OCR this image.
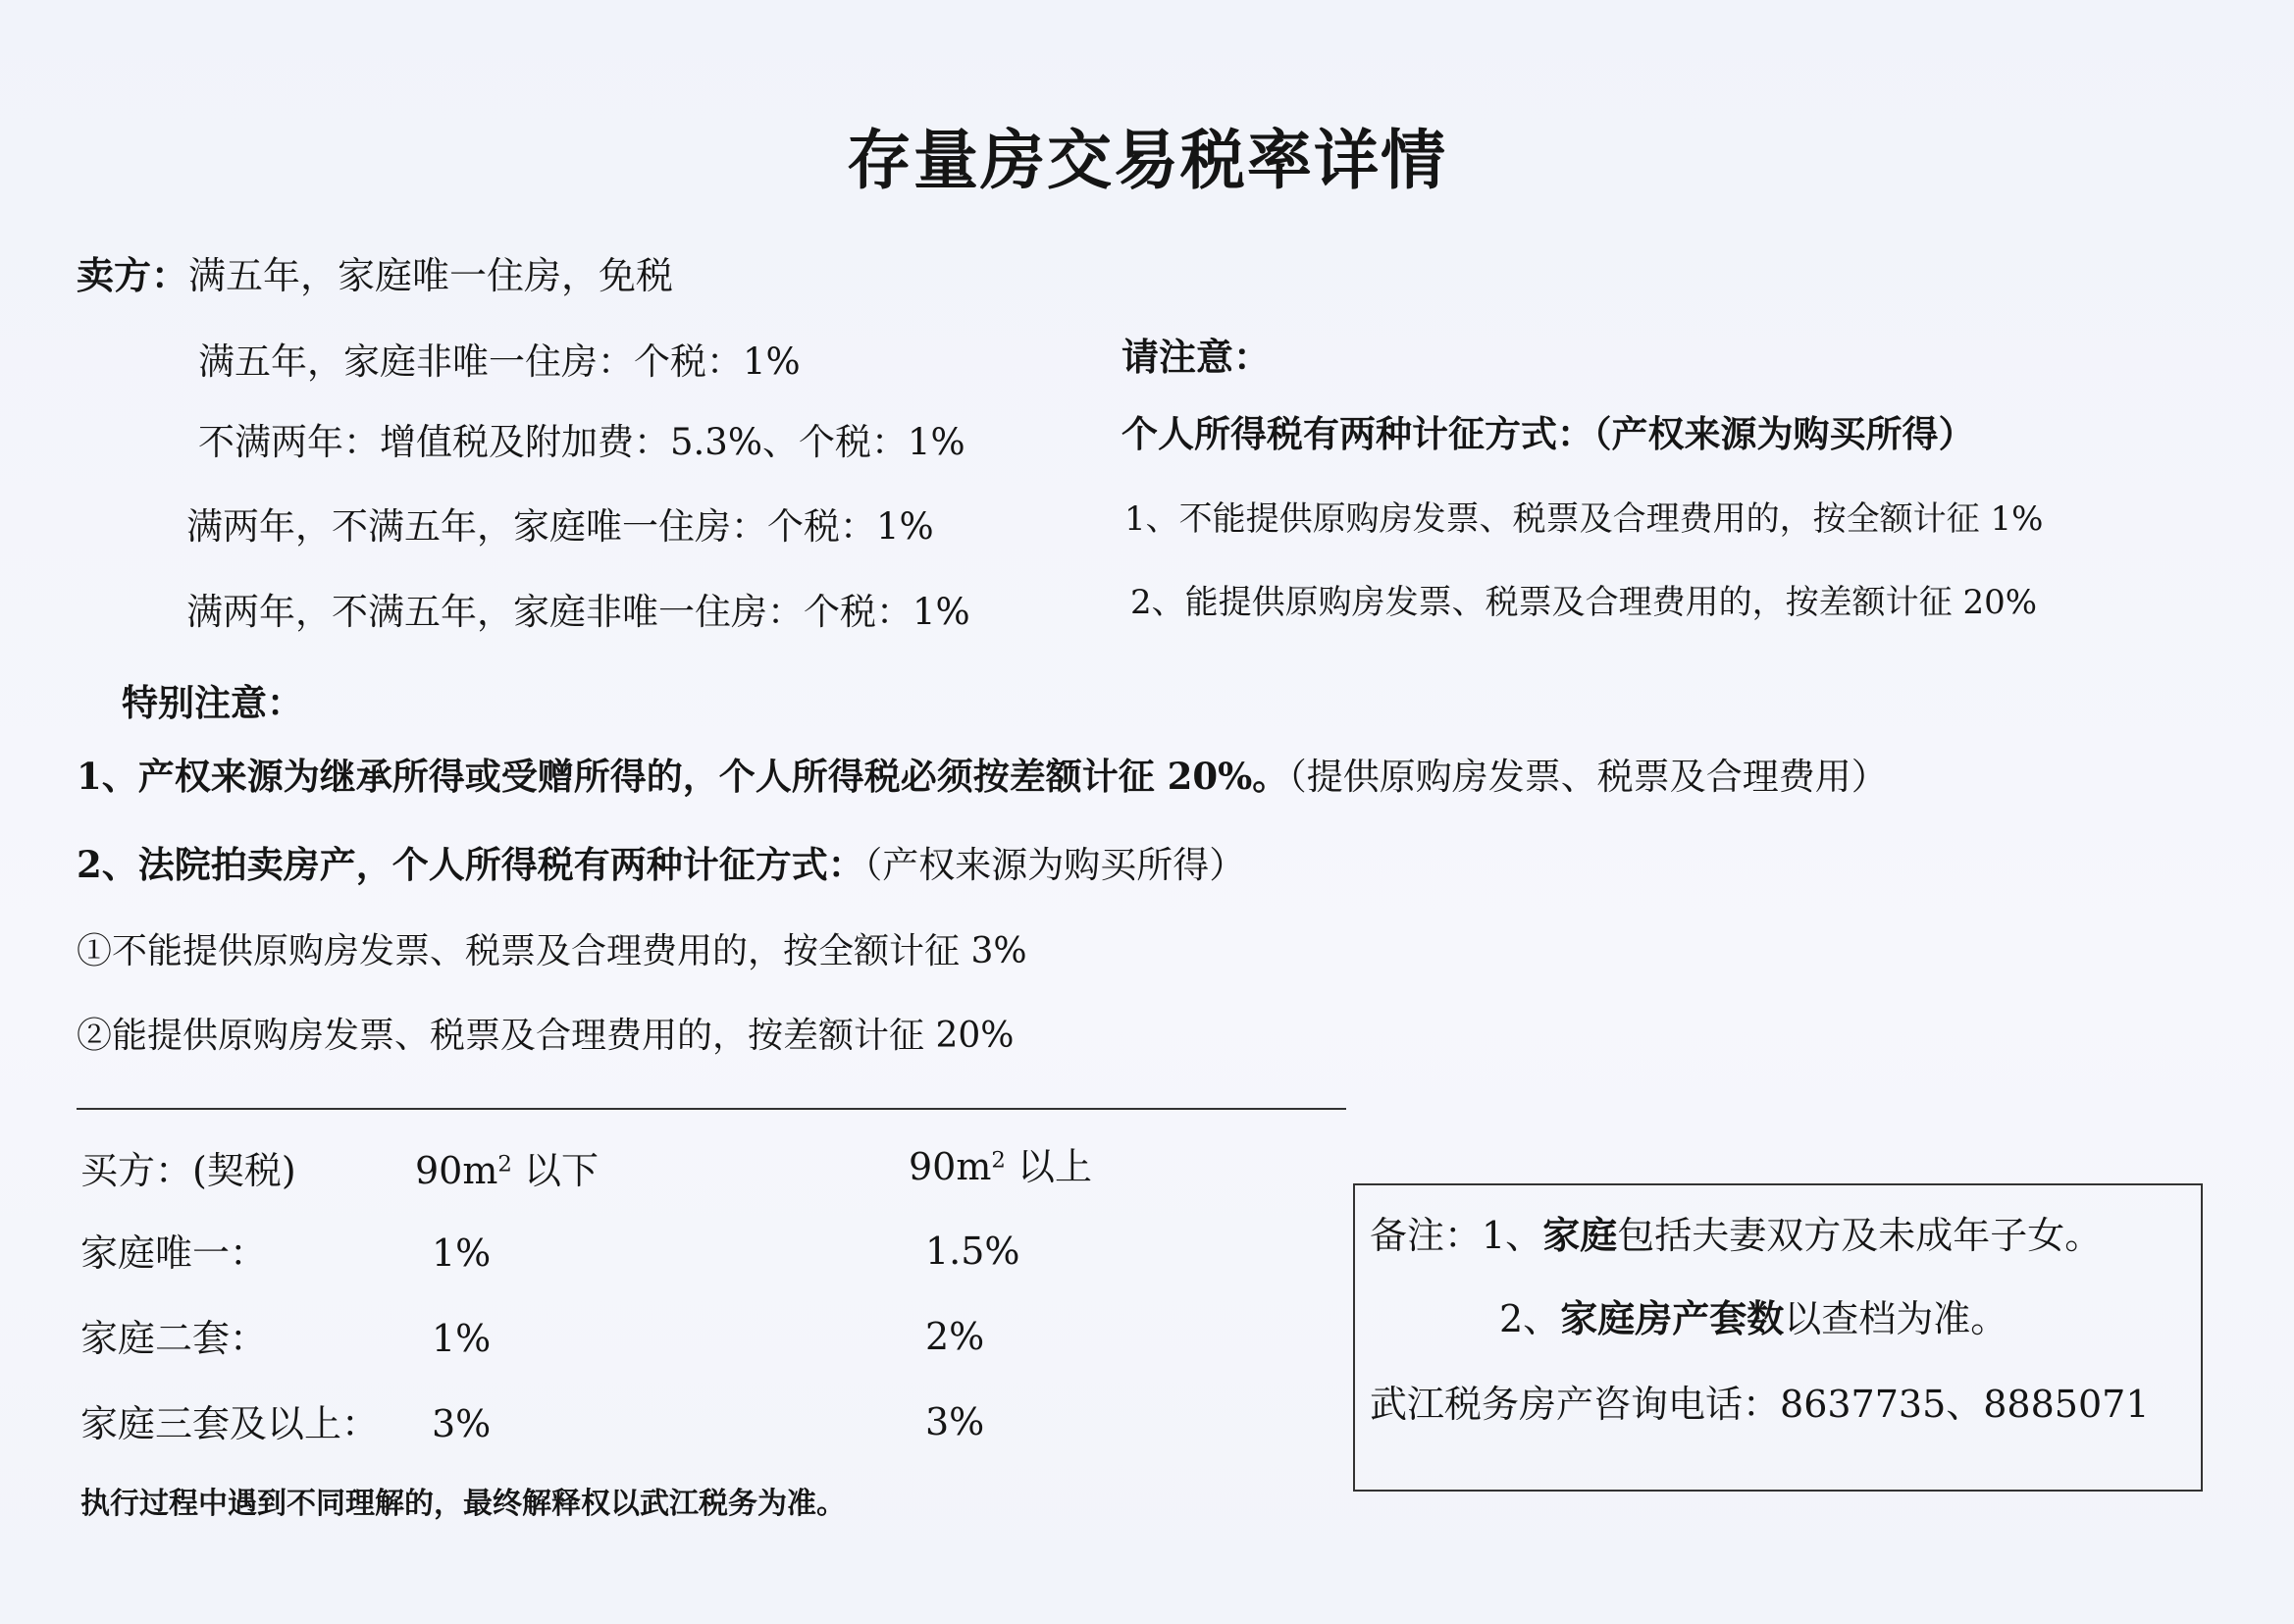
存量房交易税率详情
卖方：满五年，家庭唯一住房，免税
满五年，家庭非唯一住房：个税：1%
不满两年：增值税及附加费：5.3%、个税：1%
满两年，不满五年，家庭唯一住房：个税：1%
满两年，不满五年，家庭非唯一住房：个税：1%
请注意：
个人所得税有两种计征方式：（产权来源为购买所得）
1、不能提供原购房发票、税票及合理费用的，按全额计征 1%
2、能提供原购房发票、税票及合理费用的，按差额计征 20%
特别注意：
1、产权来源为继承所得或受赠所得的，个人所得税必须按差额计征 20%。（提供原购房发票、税票及合理费用）
2、法院拍卖房产，个人所得税有两种计征方式：（产权来源为购买所得）
①不能提供原购房发票、税票及合理费用的，按全额计征 3%
②能提供原购房发票、税票及合理费用的，按差额计征 20%
买方：(契税)	$90m^2$ 以下	$90m^2$ 以上
家庭唯一：	1%	1.5%
家庭二套：	1%	2%
家庭三套及以上： 3%	3%
执行过程中遇到不同理解的，最终解释权以武江税务为准。
备注：1、家庭包括夫妻双方及未成年子女。
2、家庭房产套数以查档为准。
武江税务房产咨询电话：8637735、8885071
